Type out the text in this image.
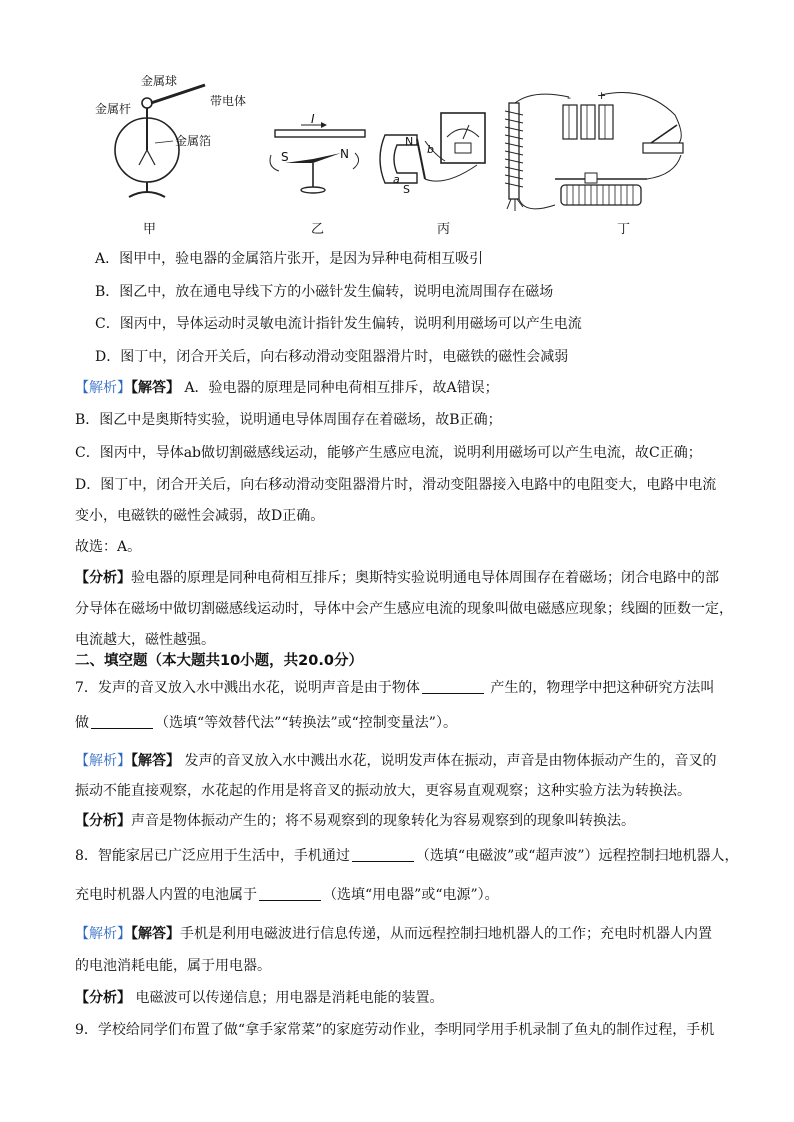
金属球
金属杆
带电体
金属箔
甲
I
S	N
乙
N
S
a
b
丙
- +
丁
A．图甲中，验电器的金属箔片张开，是因为异种电荷相互吸引
B．图乙中，放在通电导线下方的小磁针发生偏转，说明电流周围存在磁场
C．图丙中，导体运动时灵敏电流计指针发生偏转，说明利用磁场可以产生电流
D．图丁中，闭合开关后，向右移动滑动变阻器滑片时，电磁铁的磁性会减弱
【解析】【解答】 A．验电器的原理是同种电荷相互排斥，故A错误；
B．图乙中是奥斯特实验，说明通电导体周围存在着磁场，故B正确；
C．图丙中，导体ab做切割磁感线运动，能够产生感应电流，说明利用磁场可以产生电流，故C正确；
D．图丁中，闭合开关后，向右移动滑动变阻器滑片时，滑动变阻器接入电路中的电阻变大，电路中电流
变小，电磁铁的磁性会减弱，故D正确。
故选：A。
【分析】验电器的原理是同种电荷相互排斥；奥斯特实验说明通电导体周围存在着磁场；闭合电路中的部
分导体在磁场中做切割磁感线运动时，导体中会产生感应电流的现象叫做电磁感应现象；线圈的匝数一定，
电流越大，磁性越强。
二、填空题（本大题共10小题，共20.0分）
7．发声的音叉放入水中溅出水花，说明声音是由于物体	产生的，物理学中把这种研究方法叫
做	（选填“等效替代法”“转换法”或“控制变量法”）。
【解析】【解答】 发声的音叉放入水中溅出水花，说明发声体在振动，声音是由物体振动产生的，音叉的
振动不能直接观察，水花起的作用是将音叉的振动放大，更容易直观观察；这种实验方法为转换法。
【分析】声音是物体振动产生的；将不易观察到的现象转化为容易观察到的现象叫转换法。
8．智能家居已广泛应用于生活中，手机通过	（选填“电磁波”或“超声波”）远程控制扫地机器人，
充电时机器人内置的电池属于	（选填“用电器”或“电源”）。
【解析】【解答】手机是利用电磁波进行信息传递，从而远程控制扫地机器人的工作；充电时机器人内置
的电池消耗电能，属于用电器。
【分析】 电磁波可以传递信息；用电器是消耗电能的装置。
9．学校给同学们布置了做“拿手家常菜”的家庭劳动作业，李明同学用手机录制了鱼丸的制作过程，手机
